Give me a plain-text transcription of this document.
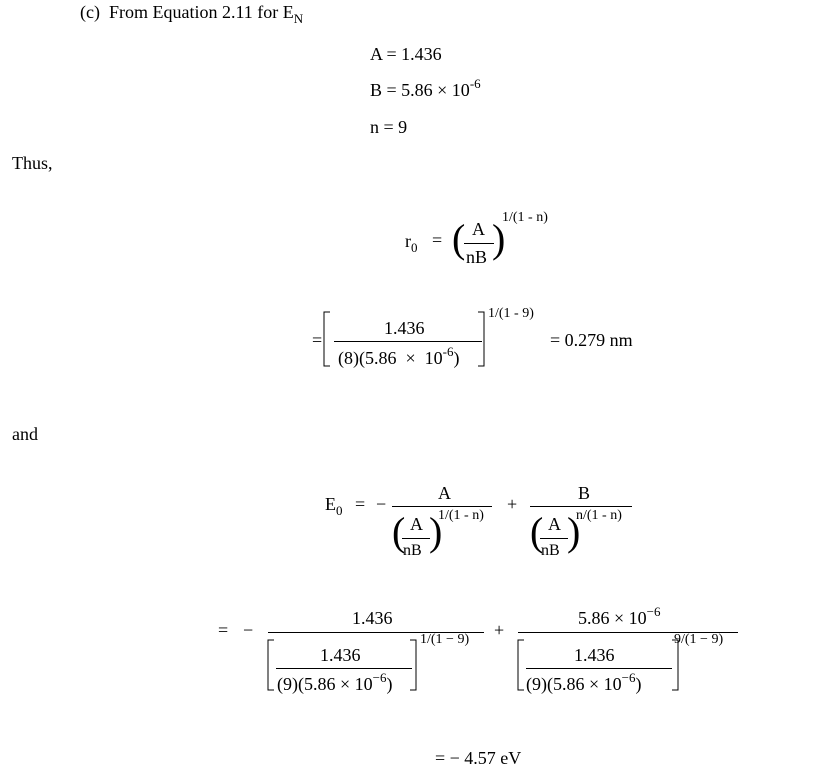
(c) From Equation 2.11 for $E_N$
A = 1.436
$B = 5.86 \times 10^{-6}$
n = 9
Thus,
$r_0$ = ( A
nB )
1/(1 - n)
=
1.436
$(8)(5.86 \times 10^{-6})$
1/(1 - 9)
= 0.279 nm
and
$E_0$ = −
A
( A
nB )
1/(1 - n)
+
B
( A
nB )
n/(1 - n)
= −
1.436
1.436
$(9)(5.86 \times 10^{-6})$
1/(1 − 9) +
$5.86 \times 10^{-6}$
1.436
$(9)(5.86 \times 10^{-6})$
9/(1 − 9)
= − 4.57 eV
